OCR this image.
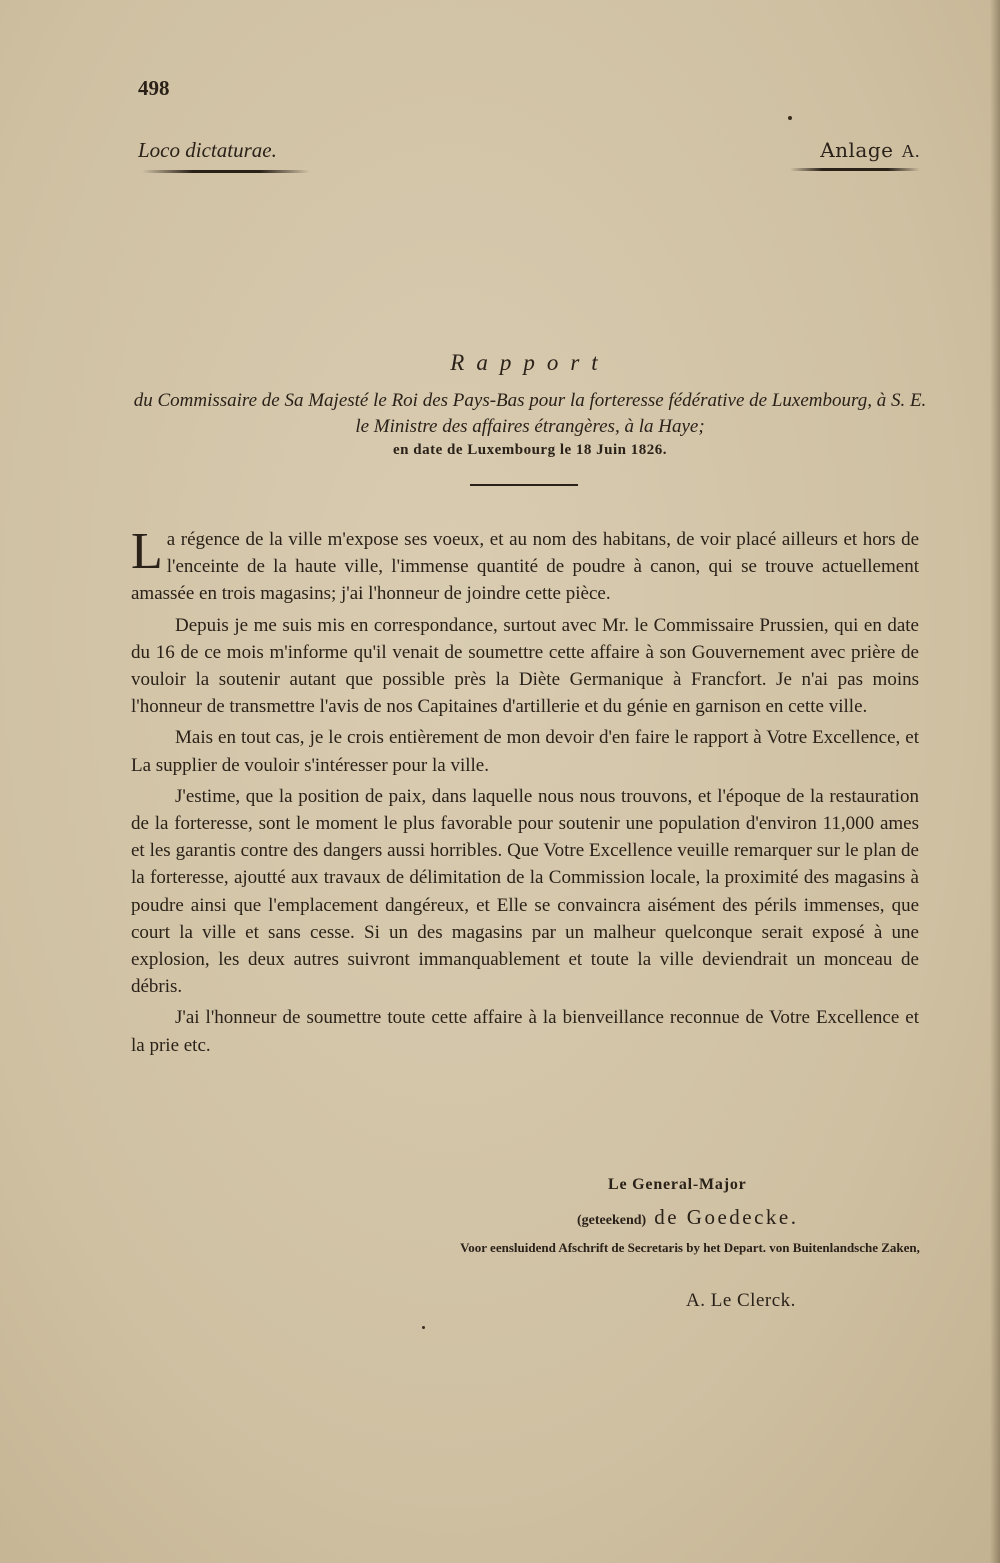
498
Loco dictaturae.	Anlage A.
Rapport
du Commissaire de Sa Majesté le Roi des Pays-Bas pour la forteresse fédérative de Luxembourg, à S. E. le Ministre des affaires étrangères, à la Haye;
en date de Luxembourg le 18 Juin 1826.

La régence de la ville m'expose ses voeux, et au nom des habitans, de voir placé ailleurs et hors de l'enceinte de la haute ville, l'immense quantité de poudre à canon, qui se trouve actuellement amassée en trois magasins; j'ai l'honneur de joindre cette pièce.

Depuis je me suis mis en correspondance, surtout avec Mr. le Commissaire Prussien, qui en date du 16 de ce mois m'informe qu'il venait de soumettre cette affaire à son Gouvernement avec prière de vouloir la soutenir autant que possible près la Diète Germanique à Francfort. Je n'ai pas moins l'honneur de transmettre l'avis de nos Capitaines d'artillerie et du génie en garnison en cette ville.

Mais en tout cas, je le crois entièrement de mon devoir d'en faire le rapport à Votre Excellence, et La supplier de vouloir s'intéresser pour la ville.

J'estime, que la position de paix, dans laquelle nous nous trouvons, et l'époque de la restauration de la forteresse, sont le moment le plus favorable pour soutenir une population d'environ 11,000 ames et les garantis contre des dangers aussi horribles. Que Votre Excellence veuille remarquer sur le plan de la forteresse, ajoutté aux travaux de délimitation de la Commission locale, la proximité des magasins à poudre ainsi que l'emplacement dangéreux, et Elle se convaincra aisément des périls immenses, que court la ville et sans cesse. Si un des magasins par un malheur quelconque serait exposé à une explosion, les deux autres suivront immanquablement et toute la ville deviendrait un monceau de débris.

J'ai l'honneur de soumettre toute cette affaire à la bienveillance reconnue de Votre Excellence et la prie etc.

Le General-Major
(geteekend) de Goedecke.
Voor eensluidend Afschrift de Secretaris by het Depart. von Buitenlandsche Zaken,
A. Le Clerck.
